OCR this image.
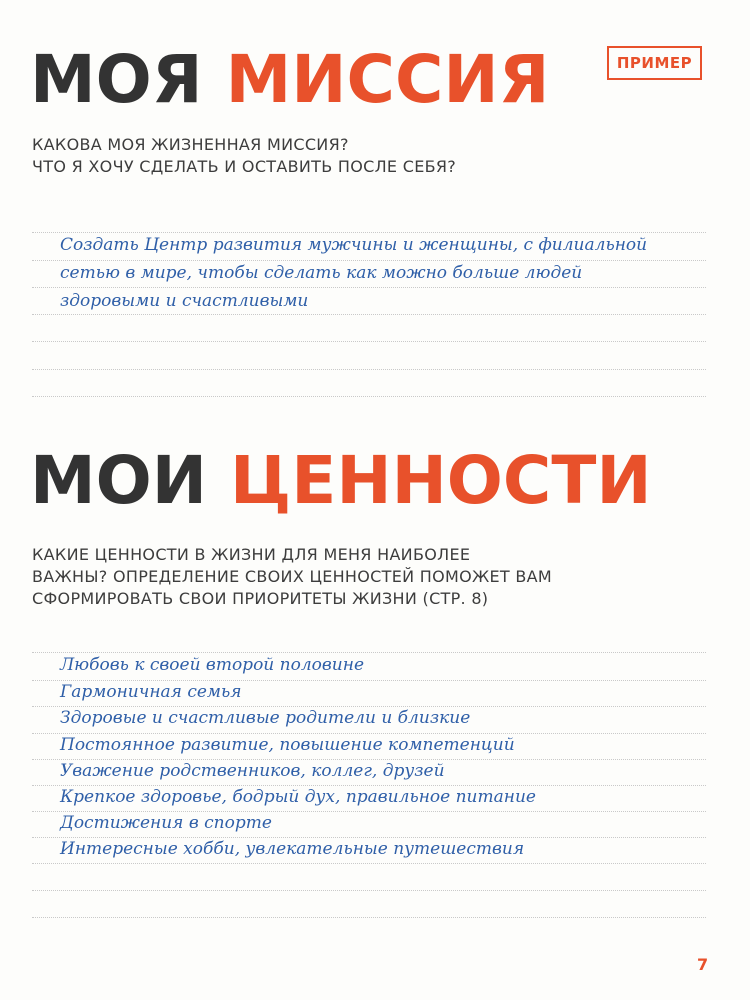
ПРИМЕР
МОЯ МИССИЯ
КАКОВА МОЯ ЖИЗНЕННАЯ МИССИЯ?
ЧТО Я ХОЧУ СДЕЛАТЬ И ОСТАВИТЬ ПОСЛЕ СЕБЯ?
Создать Центр развития мужчины и женщины, с филиальной
сетью в мире, чтобы сделать как можно больше людей
здоровыми и счастливыми
МОИ ЦЕННОСТИ
КАКИЕ ЦЕННОСТИ В ЖИЗНИ ДЛЯ МЕНЯ НАИБОЛЕЕ
ВАЖНЫ? ОПРЕДЕЛЕНИЕ СВОИХ ЦЕННОСТЕЙ ПОМОЖЕТ ВАМ
СФОРМИРОВАТЬ СВОИ ПРИОРИТЕТЫ ЖИЗНИ (СТР. 8)
Любовь к своей второй половине
Гармоничная семья
Здоровые и счастливые родители и близкие
Постоянное развитие, повышение компетенций
Уважение родственников, коллег, друзей
Крепкое здоровье, бодрый дух, правильное питание
Достижения в спорте
Интересные хобби, увлекательные путешествия
7
